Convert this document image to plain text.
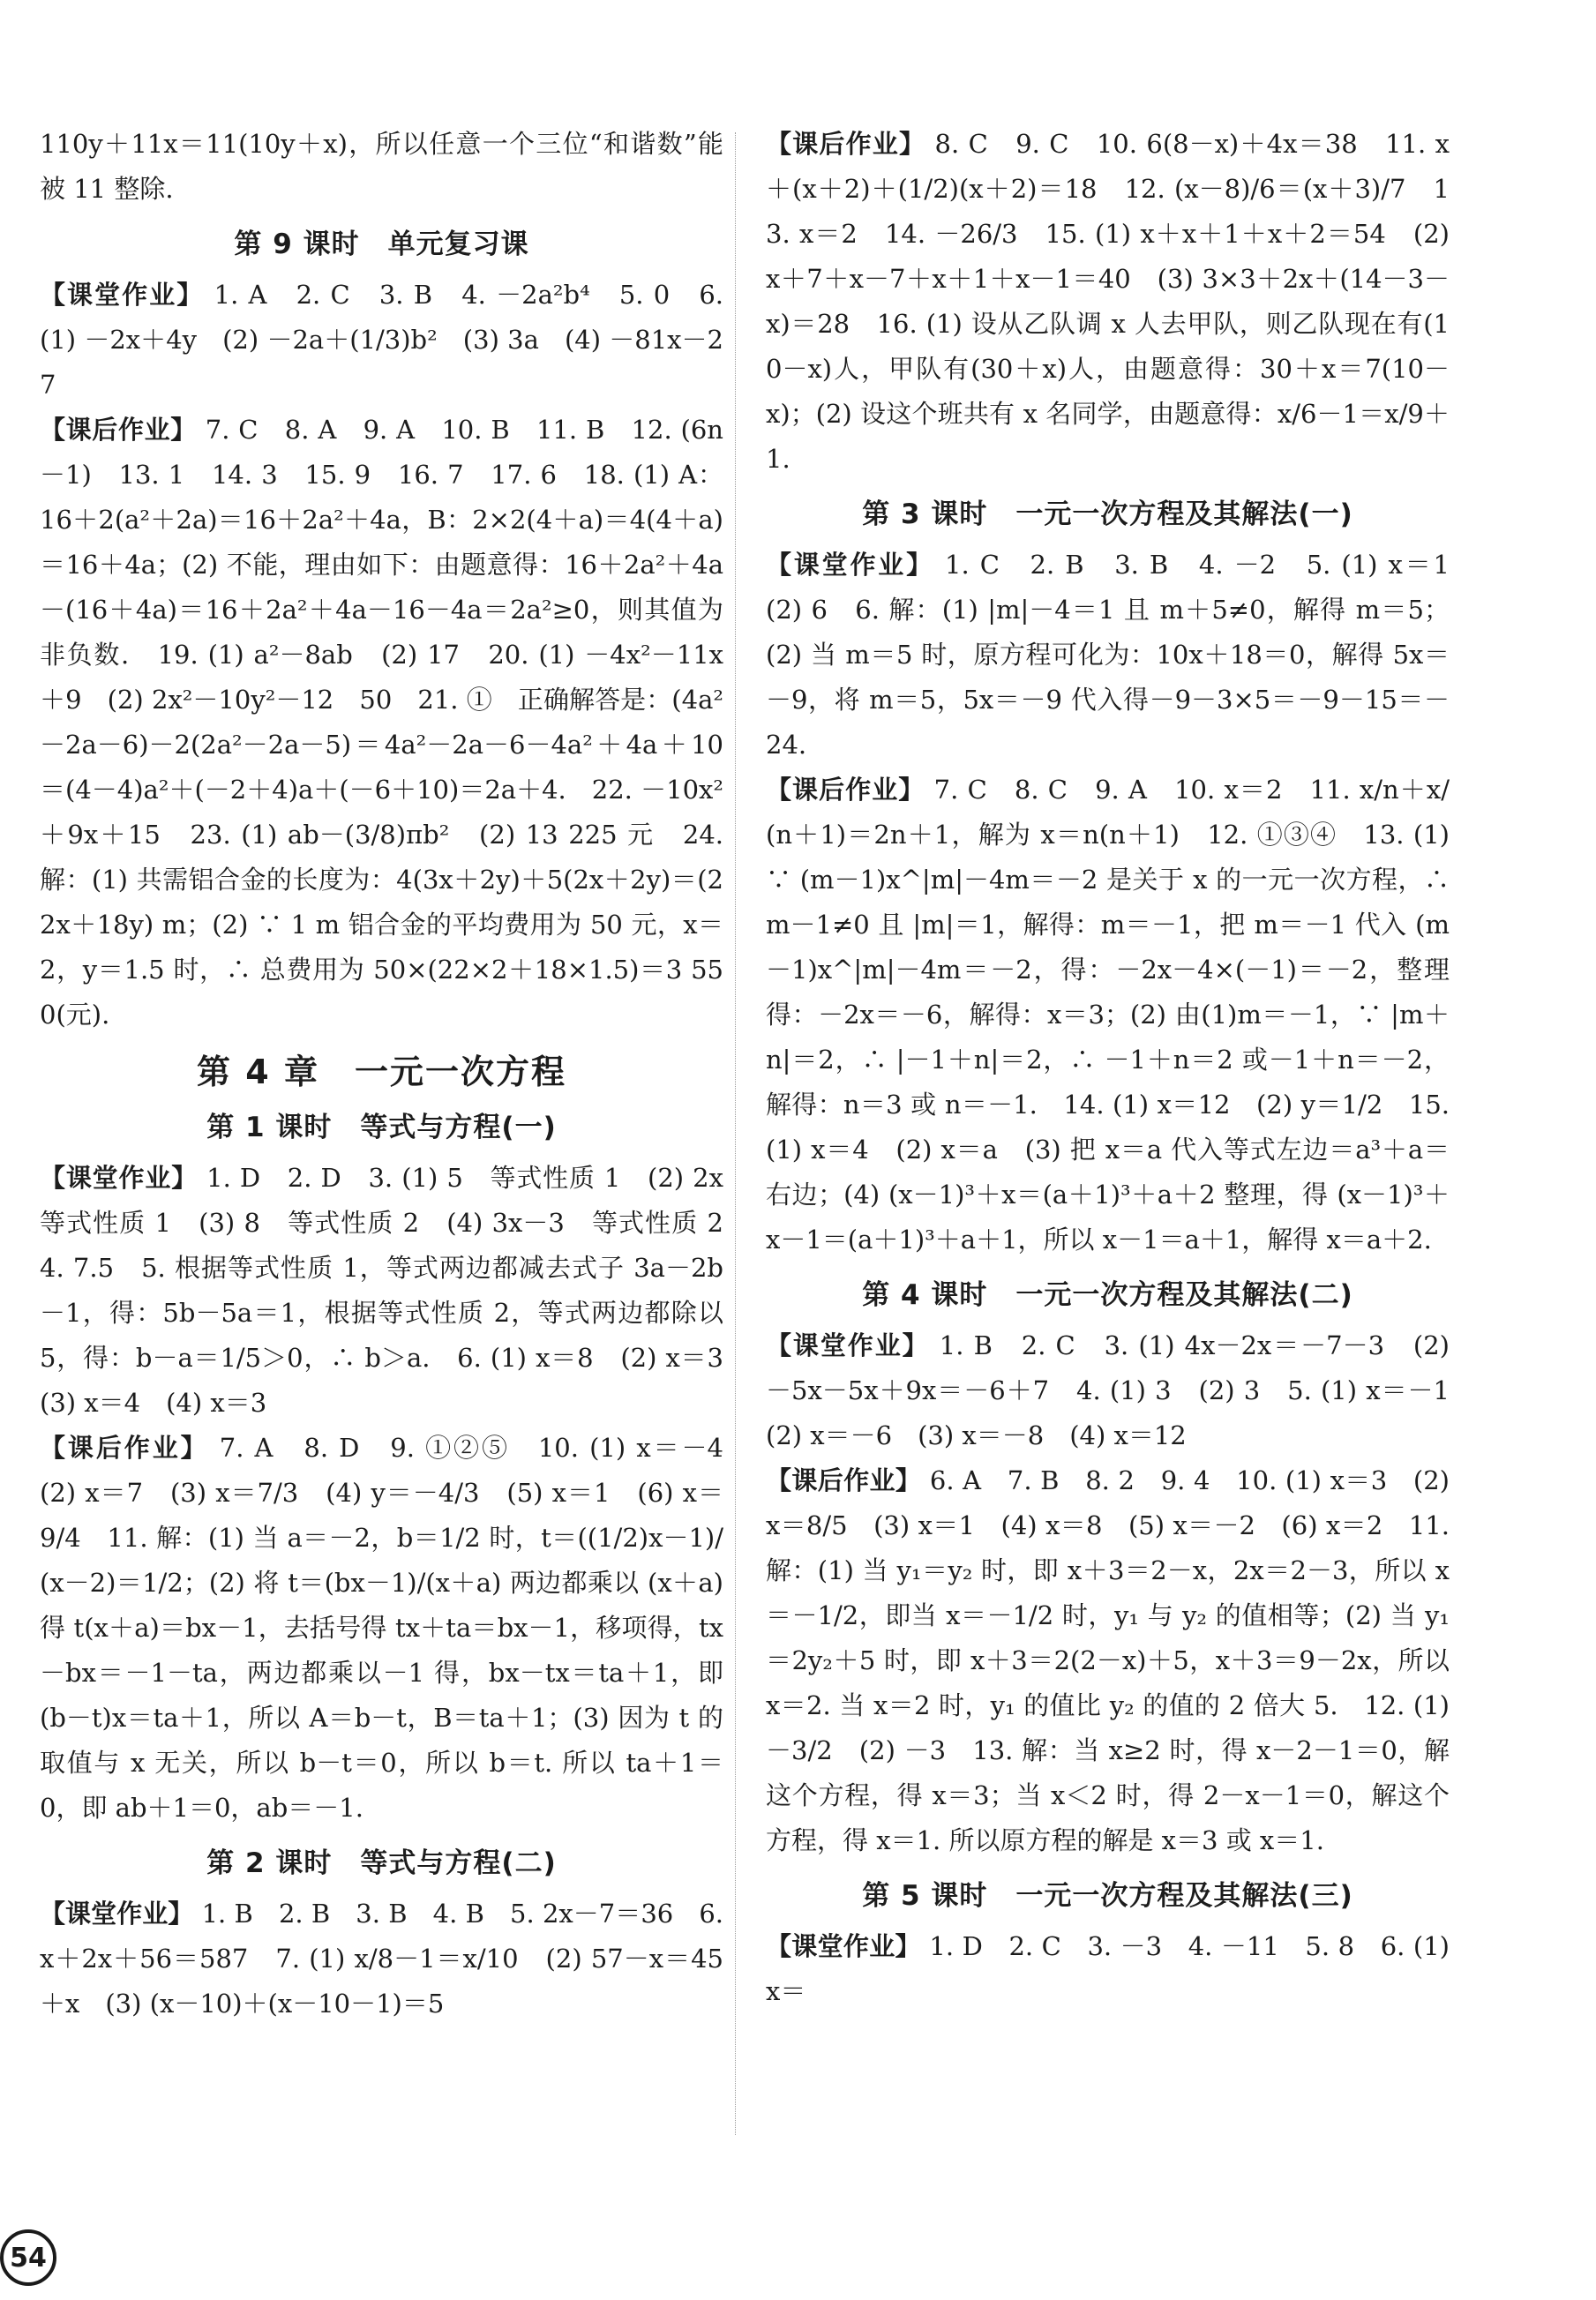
110y＋11x＝11(10y＋x)，所以任意一个三位“和谐数”能被 11 整除.

第 9 课时　单元复习课

【课堂作业】 1. A　2. C　3. B　4. －2a²b⁴　5. 0　6. (1) －2x＋4y　(2) －2a＋(1/3)b²　(3) 3a　(4) －81x－27

【课后作业】 7. C　8. A　9. A　10. B　11. B　12. (6n－1)　13. 1　14. 3　15. 9　16. 7　17. 6　18. (1) A：16＋2(a²＋2a)＝16＋2a²＋4a，B：2×2(4＋a)＝4(4＋a)＝16＋4a；(2) 不能，理由如下：由题意得：16＋2a²＋4a－(16＋4a)＝16＋2a²＋4a－16－4a＝2a²≥0，则其值为非负数.　19. (1) a²－8ab　(2) 17　20. (1) －4x²－11x＋9　(2) 2x²－10y²－12　50　21. ①　正确解答是：(4a²－2a－6)－2(2a²－2a－5)＝4a²－2a－6－4a²＋4a＋10＝(4－4)a²＋(－2＋4)a＋(－6＋10)＝2a＋4.　22. －10x²＋9x＋15　23. (1) ab－(3/8)πb²　(2) 13 225 元　24. 解：(1) 共需铝合金的长度为：4(3x＋2y)＋5(2x＋2y)＝(22x＋18y) m；(2) ∵ 1 m 铝合金的平均费用为 50 元，x＝2，y＝1.5 时，∴ 总费用为 50×(22×2＋18×1.5)＝3 550(元).

第 4 章　一元一次方程
第 1 课时　等式与方程(一)

【课堂作业】 1. D　2. D　3. (1) 5　等式性质 1　(2) 2x　等式性质 1　(3) 8　等式性质 2　(4) 3x－3　等式性质 2　4. 7.5　5. 根据等式性质 1，等式两边都减去式子 3a－2b－1，得：5b－5a＝1，根据等式性质 2，等式两边都除以 5，得：b－a＝1/5＞0，∴ b＞a.　6. (1) x＝8　(2) x＝3　(3) x＝4　(4) x＝3

【课后作业】 7. A　8. D　9. ①②⑤　10. (1) x＝－4　(2) x＝7　(3) x＝7/3　(4) y＝－4/3　(5) x＝1　(6) x＝9/4　11. 解：(1) 当 a＝－2，b＝1/2 时，t＝((1/2)x－1)/(x－2)＝1/2；(2) 将 t＝(bx－1)/(x＋a) 两边都乘以 (x＋a) 得 t(x＋a)＝bx－1，去括号得 tx＋ta＝bx－1，移项得，tx－bx＝－1－ta，两边都乘以－1 得，bx－tx＝ta＋1，即 (b－t)x＝ta＋1，所以 A＝b－t，B＝ta＋1；(3) 因为 t 的取值与 x 无关，所以 b－t＝0，所以 b＝t. 所以 ta＋1＝0，即 ab＋1＝0，ab＝－1.

第 2 课时　等式与方程(二)

【课堂作业】 1. B　2. B　3. B　4. B　5. 2x－7＝36　6. x＋2x＋56＝587　7. (1) x/8－1＝x/10　(2) 57－x＝45＋x　(3) (x－10)＋(x－10－1)＝5

【课后作业】 8. C　9. C　10. 6(8－x)＋4x＝38　11. x＋(x＋2)＋(1/2)(x＋2)＝18　12. (x－8)/6＝(x＋3)/7　13. x＝2　14. －26/3　15. (1) x＋x＋1＋x＋2＝54　(2) x＋7＋x－7＋x＋1＋x－1＝40　(3) 3×3＋2x＋(14－3－x)＝28　16. (1) 设从乙队调 x 人去甲队，则乙队现在有(10－x)人，甲队有(30＋x)人，由题意得：30＋x＝7(10－x)；(2) 设这个班共有 x 名同学，由题意得：x/6－1＝x/9＋1.

第 3 课时　一元一次方程及其解法(一)

【课堂作业】 1. C　2. B　3. B　4. －2　5. (1) x＝1　(2) 6　6. 解：(1) |m|－4＝1 且 m＋5≠0，解得 m＝5；(2) 当 m＝5 时，原方程可化为：10x＋18＝0，解得 5x＝－9，将 m＝5，5x＝－9 代入得－9－3×5＝－9－15＝－24.

【课后作业】 7. C　8. C　9. A　10. x＝2　11. x/n＋x/(n＋1)＝2n＋1，解为 x＝n(n＋1)　12. ①③④　13. (1) ∵ (m－1)x^|m|－4m＝－2 是关于 x 的一元一次方程，∴ m－1≠0 且 |m|＝1，解得：m＝－1，把 m＝－1 代入 (m－1)x^|m|－4m＝－2，得：－2x－4×(－1)＝－2，整理得：－2x＝－6，解得：x＝3；(2) 由(1)m＝－1，∵ |m＋n|＝2，∴ |－1＋n|＝2，∴ －1＋n＝2 或－1＋n＝－2，解得：n＝3 或 n＝－1.　14. (1) x＝12　(2) y＝1/2　15. (1) x＝4　(2) x＝a　(3) 把 x＝a 代入等式左边＝a³＋a＝右边；(4) (x－1)³＋x＝(a＋1)³＋a＋2 整理，得 (x－1)³＋x－1＝(a＋1)³＋a＋1，所以 x－1＝a＋1，解得 x＝a＋2.

第 4 课时　一元一次方程及其解法(二)

【课堂作业】 1. B　2. C　3. (1) 4x－2x＝－7－3　(2) －5x－5x＋9x＝－6＋7　4. (1) 3　(2) 3　5. (1) x＝－1　(2) x＝－6　(3) x＝－8　(4) x＝12

【课后作业】 6. A　7. B　8. 2　9. 4　10. (1) x＝3　(2) x＝8/5　(3) x＝1　(4) x＝8　(5) x＝－2　(6) x＝2　11. 解：(1) 当 y₁＝y₂ 时，即 x＋3＝2－x，2x＝2－3，所以 x＝－1/2，即当 x＝－1/2 时，y₁ 与 y₂ 的值相等；(2) 当 y₁＝2y₂＋5 时，即 x＋3＝2(2－x)＋5，x＋3＝9－2x，所以 x＝2. 当 x＝2 时，y₁ 的值比 y₂ 的值的 2 倍大 5.　12. (1) －3/2　(2) －3　13. 解：当 x≥2 时，得 x－2－1＝0，解这个方程，得 x＝3；当 x＜2 时，得 2－x－1＝0，解这个方程，得 x＝1. 所以原方程的解是 x＝3 或 x＝1.

第 5 课时　一元一次方程及其解法(三)

【课堂作业】 1. D　2. C　3. －3　4. －11　5. 8　6. (1) x＝

54
